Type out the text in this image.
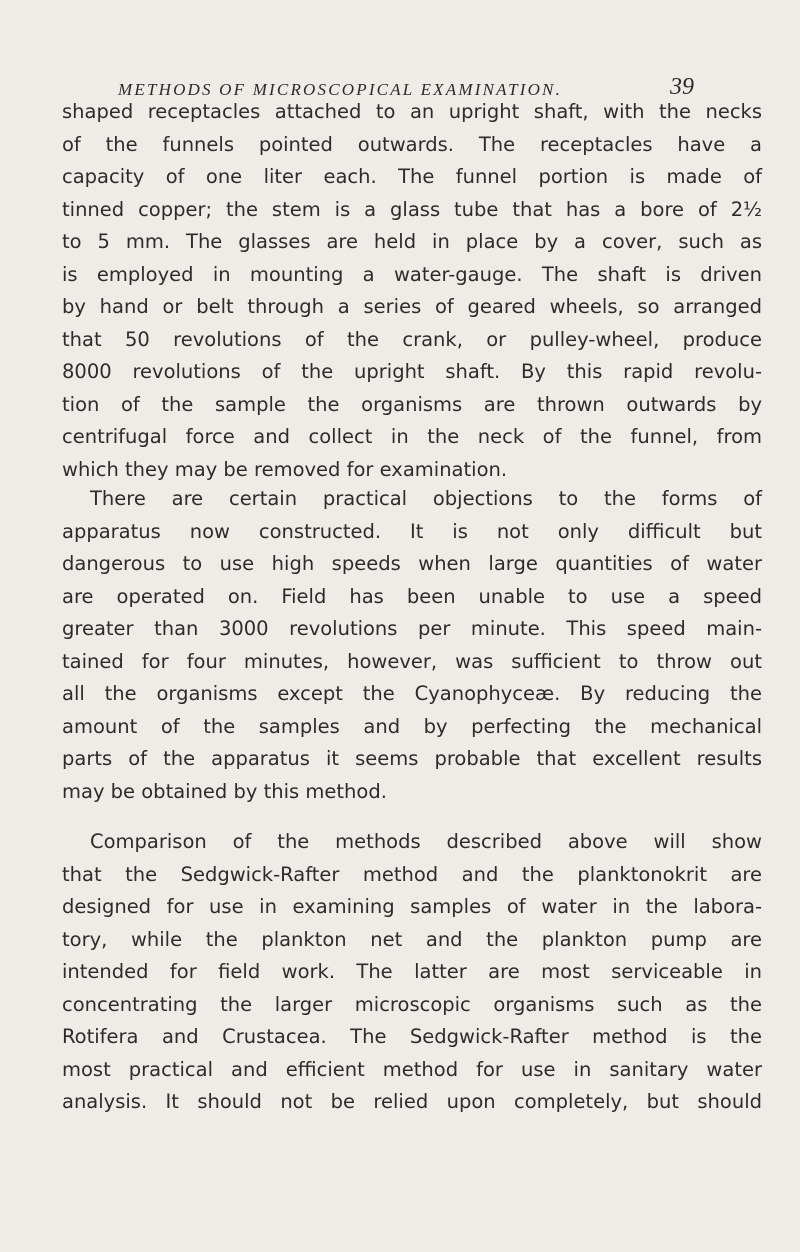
METHODS OF MICROSCOPICAL EXAMINATION.	39
shaped receptacles attached to an upright shaft, with the necks
of the funnels pointed outwards. The receptacles have a
capacity of one liter each. The funnel portion is made of
tinned copper; the stem is a glass tube that has a bore of 2½
to 5 mm. The glasses are held in place by a cover, such as
is employed in mounting a water-gauge. The shaft is driven
by hand or belt through a series of geared wheels, so arranged
that 50 revolutions of the crank, or pulley-wheel, produce
8000 revolutions of the upright shaft. By this rapid revolu-
tion of the sample the organisms are thrown outwards by
centrifugal force and collect in the neck of the funnel, from
which they may be removed for examination.
There are certain practical objections to the forms of
apparatus now constructed. It is not only difficult but
dangerous to use high speeds when large quantities of water
are operated on. Field has been unable to use a speed
greater than 3000 revolutions per minute. This speed main-
tained for four minutes, however, was sufficient to throw out
all the organisms except the Cyanophyceæ. By reducing the
amount of the samples and by perfecting the mechanical
parts of the apparatus it seems probable that excellent results
may be obtained by this method.
Comparison of the methods described above will show
that the Sedgwick-Rafter method and the planktonokrit are
designed for use in examining samples of water in the labora-
tory, while the plankton net and the plankton pump are
intended for field work. The latter are most serviceable in
concentrating the larger microscopic organisms such as the
Rotifera and Crustacea. The Sedgwick-Rafter method is the
most practical and efficient method for use in sanitary water
analysis. It should not be relied upon completely, but should
